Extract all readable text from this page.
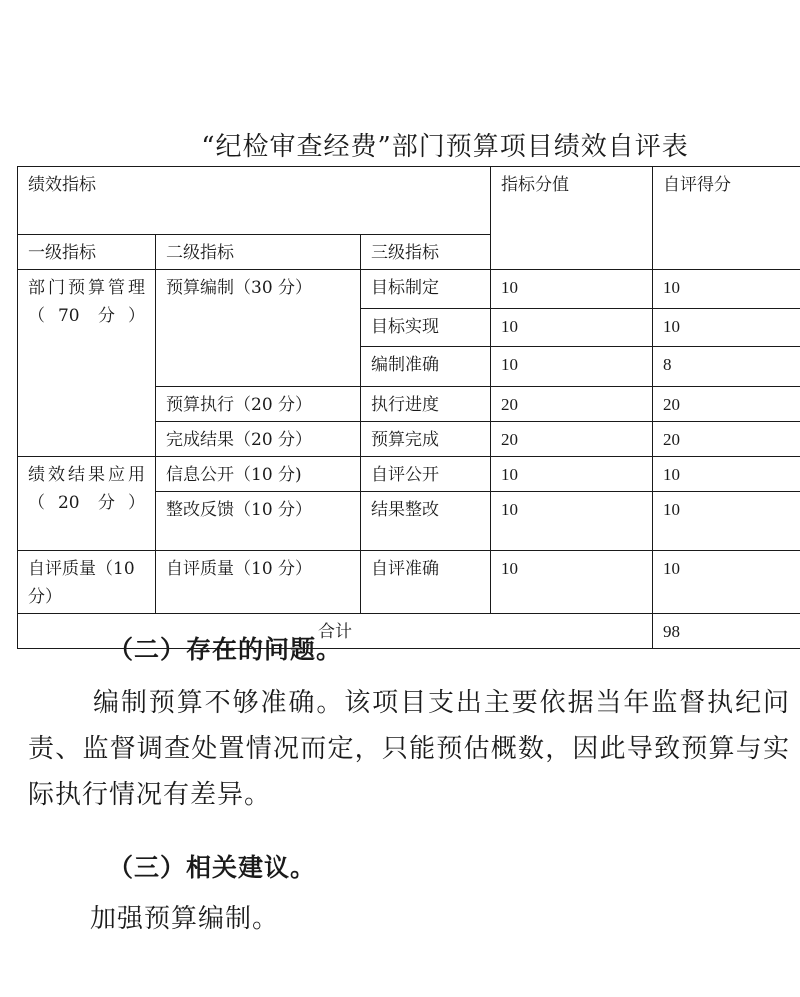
“纪检审查经费”部门预算项目绩效自评表
绩效指标			指标分值	自评得分
一级指标	二级指标	三级指标		
部门预算管理（70 分）	预算编制（30 分）	目标制定	10	10
		目标实现	10	10
		编制准确	10	8
	预算执行（20 分）	执行进度	20	20
	完成结果（20 分）	预算完成	20	20
绩效结果应用（20 分）	信息公开（10 分)	自评公开	10	10
	整改反馈（10 分）	结果整改	10	10
自评质量（10 分）	自评质量（10 分）	自评准确	10	10
合计				98
（二）存在的问题。
编制预算不够准确。该项目支出主要依据当年监督执纪问责、监督调查处置情况而定，只能预估概数，因此导致预算与实际执行情况有差异。
（三）相关建议。
加强预算编制。
